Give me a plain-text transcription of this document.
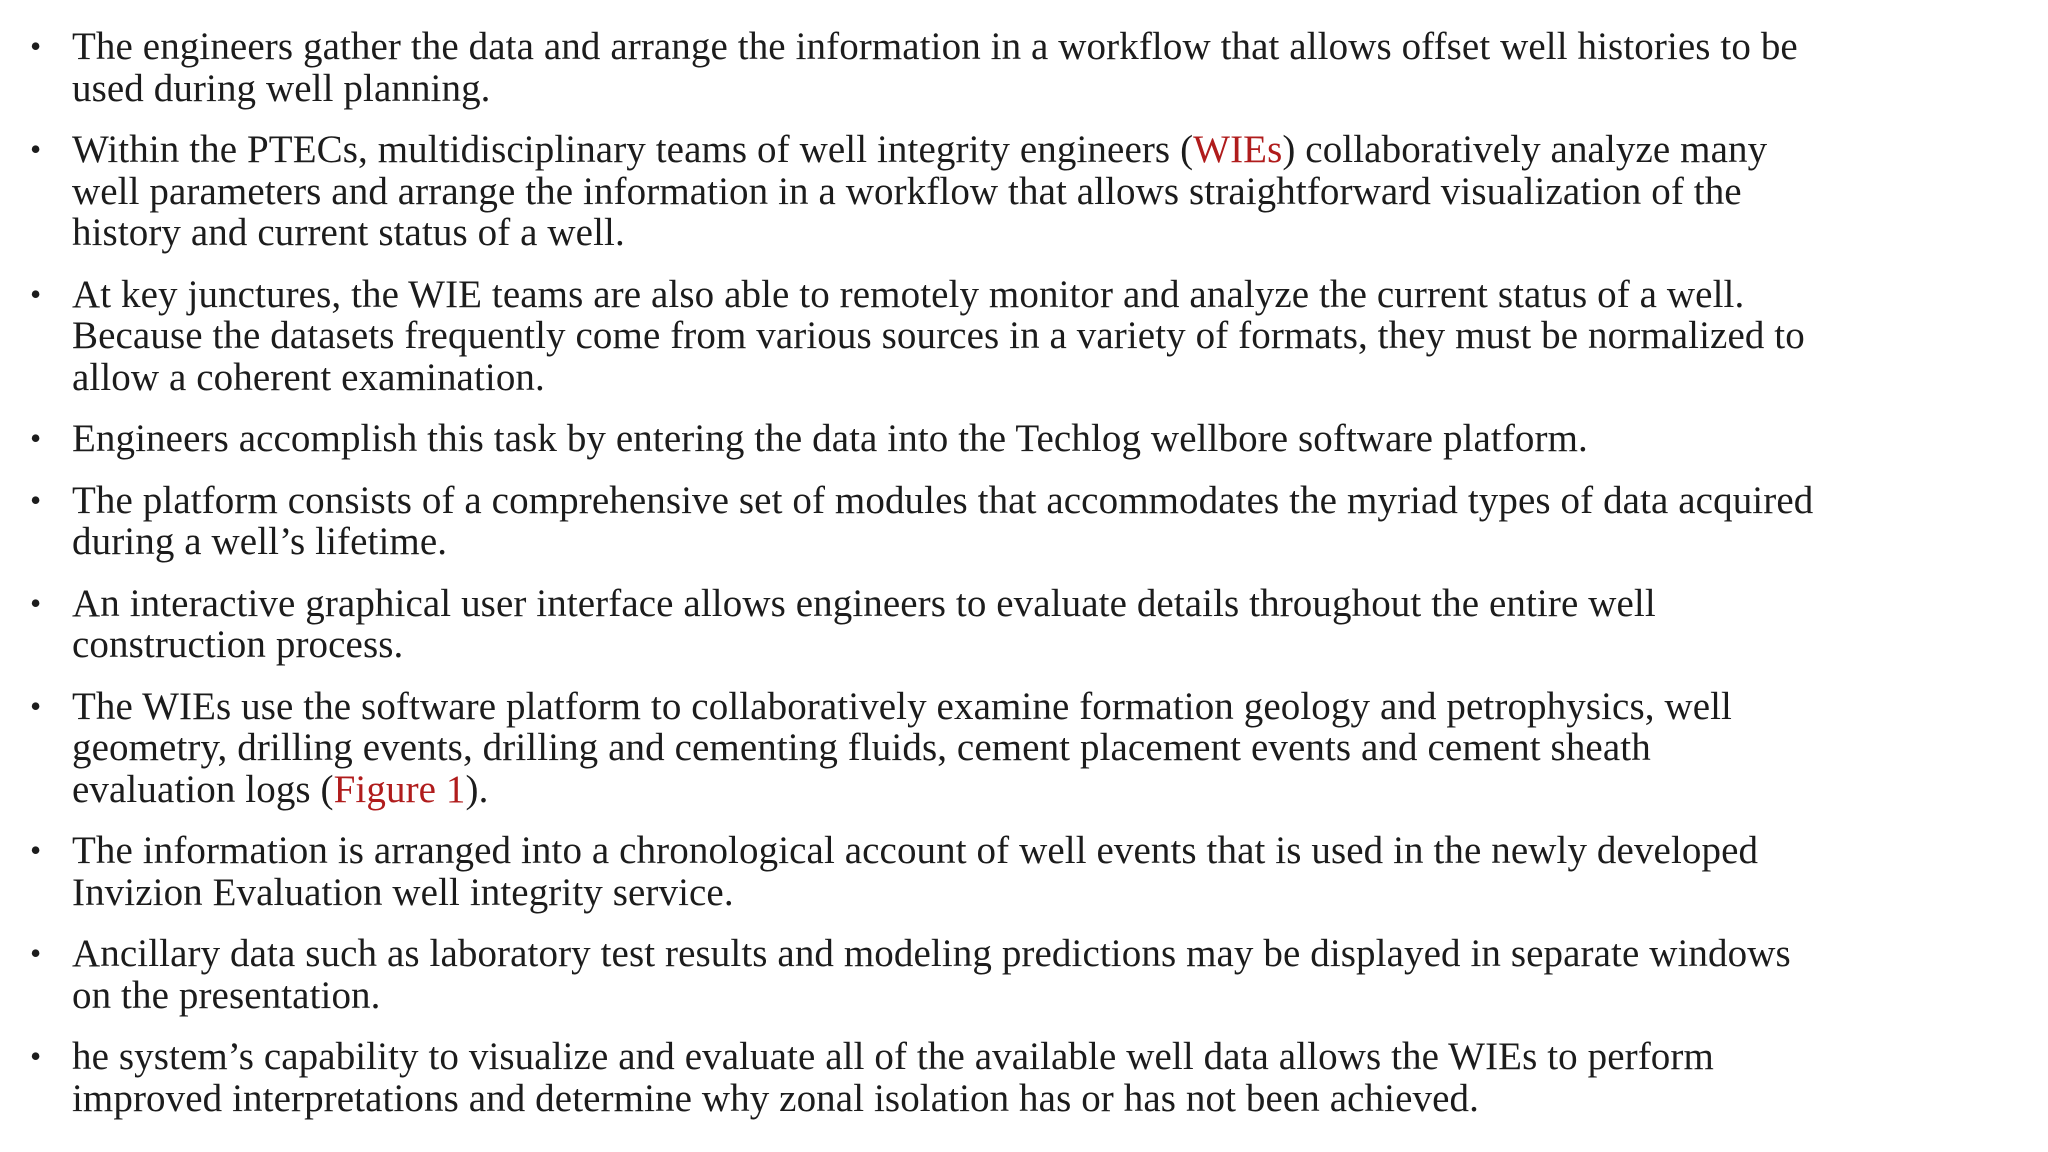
• The engineers gather the data and arrange the information in a workflow that allows offset well histories to be
used during well planning.
• Within the PTECs, multidisciplinary teams of well integrity engineers (WIEs) collaboratively analyze many
well parameters and arrange the information in a workflow that allows straightforward visualization of the
history and current status of a well.
• At key junctures, the WIE teams are also able to remotely monitor and analyze the current status of a well.
Because the datasets frequently come from various sources in a variety of formats, they must be normalized to
allow a coherent examination.
• Engineers accomplish this task by entering the data into the Techlog wellbore software platform.
• The platform consists of a comprehensive set of modules that accommodates the myriad types of data acquired
during a well’s lifetime.
• An interactive graphical user interface allows engineers to evaluate details throughout the entire well
construction process.
• The WIEs use the software platform to collaboratively examine formation geology and petrophysics, well
geometry, drilling events, drilling and cementing fluids, cement placement events and cement sheath
evaluation logs (Figure 1).
• The information is arranged into a chronological account of well events that is used in the newly developed
Invizion Evaluation well integrity service.
• Ancillary data such as laboratory test results and modeling predictions may be displayed in separate windows
on the presentation.
• he system’s capability to visualize and evaluate all of the available well data allows the WIEs to perform
improved interpretations and determine why zonal isolation has or has not been achieved.
